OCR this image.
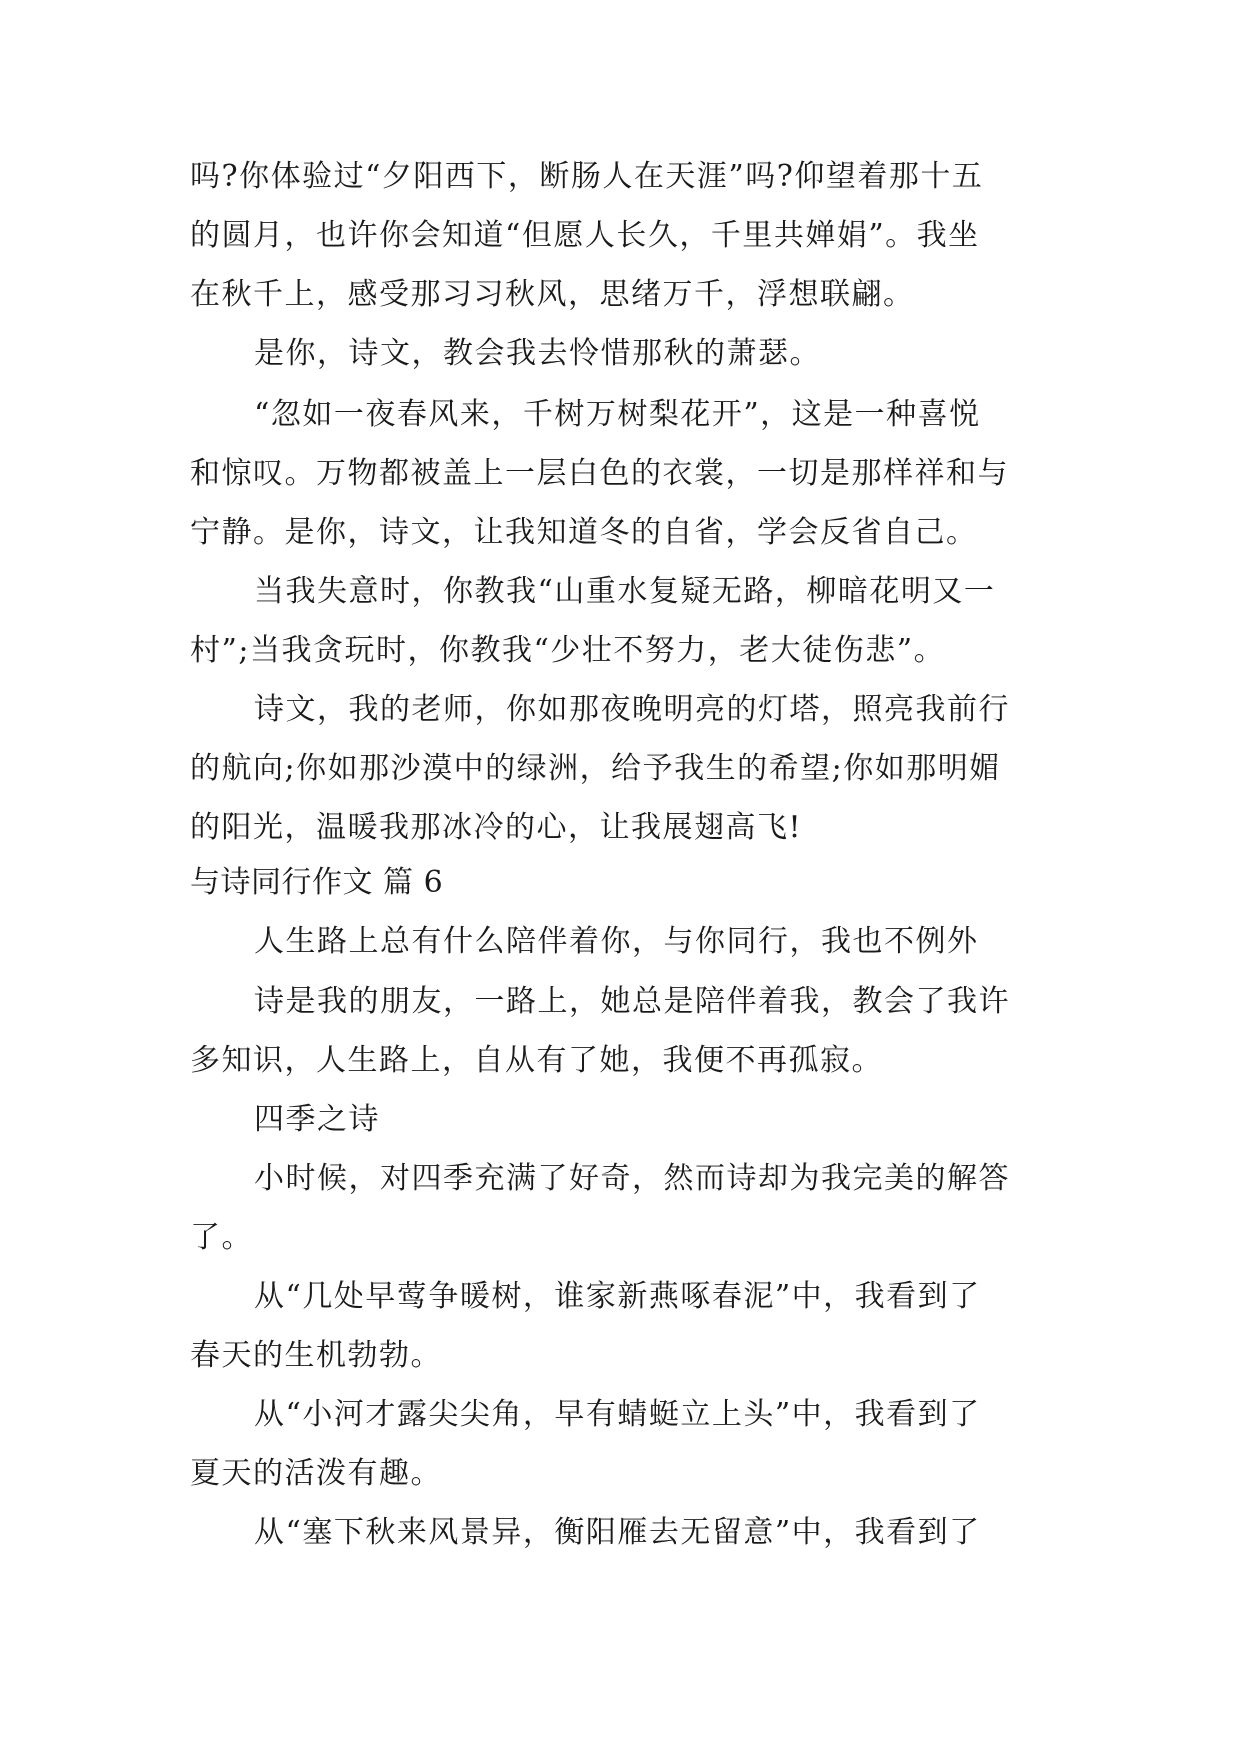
吗?你体验过“夕阳西下，断肠人在天涯”吗?仰望着那十五
的圆月，也许你会知道“但愿人长久，千里共婵娟”。我坐
在秋千上，感受那习习秋风，思绪万千，浮想联翩。
是你，诗文，教会我去怜惜那秋的萧瑟。
“忽如一夜春风来，千树万树梨花开”，这是一种喜悦
和惊叹。万物都被盖上一层白色的衣裳，一切是那样祥和与
宁静。是你，诗文，让我知道冬的自省，学会反省自己。
当我失意时，你教我“山重水复疑无路，柳暗花明又一
村”;当我贪玩时，你教我“少壮不努力，老大徒伤悲”。
诗文，我的老师，你如那夜晚明亮的灯塔，照亮我前行
的航向;你如那沙漠中的绿洲，给予我生的希望;你如那明媚
的阳光，温暖我那冰冷的心，让我展翅高飞!
与诗同行作文 篇 6
人生路上总有什么陪伴着你，与你同行，我也不例外
诗是我的朋友，一路上，她总是陪伴着我，教会了我许
多知识，人生路上，自从有了她，我便不再孤寂。
四季之诗
小时候，对四季充满了好奇，然而诗却为我完美的解答
了。
从“几处早莺争暖树，谁家新燕啄春泥”中，我看到了
春天的生机勃勃。
从“小河才露尖尖角，早有蜻蜓立上头”中，我看到了
夏天的活泼有趣。
从“塞下秋来风景异，衡阳雁去无留意”中，我看到了
